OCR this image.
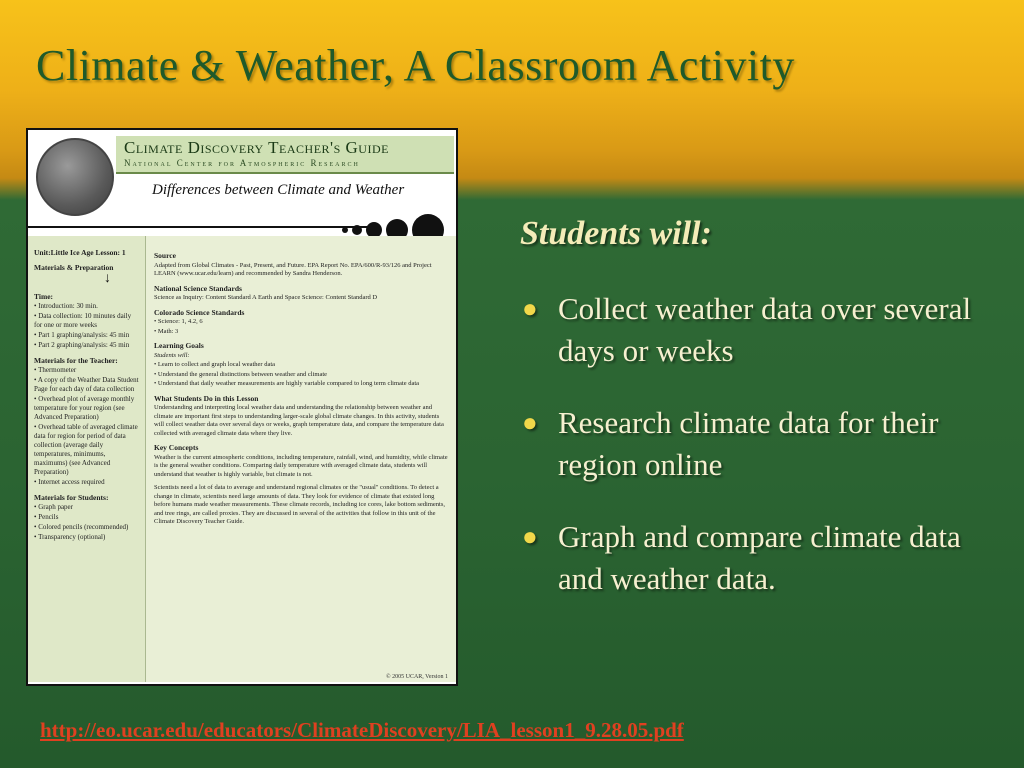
Climate & Weather, A Classroom Activity
Climate Discovery Teacher's Guide
National Center for Atmospheric Research
Differences between Climate and Weather
Unit:Little Ice Age Lesson: 1
Materials & Preparation
↓
Time:
• Introduction: 30 min.
• Data collection: 10 minutes daily for one or more weeks
• Part 1 graphing/analysis: 45 min
• Part 2 graphing/analysis: 45 min
Materials for the Teacher:
• Thermometer
• A copy of the Weather Data Student Page for each day of data collection
• Overhead plot of average monthly temperature for your region (see Advanced Preparation)
• Overhead table of averaged climate data for region for period of data collection (average daily temperatures, minimums, maximums) (see Advanced Preparation)
• Internet access required
Materials for Students:
• Graph paper
• Pencils
• Colored pencils (recommended)
• Transparency (optional)
Source
Adapted from Global Climates - Past, Present, and Future. EPA Report No. EPA/600/R-93/126 and Project LEARN (www.ucar.edu/learn) and recommended by Sandra Henderson.
National Science Standards
Science as Inquiry: Content Standard A Earth and Space Science: Content Standard D
Colorado Science Standards
• Science: 1, 4.2, 6
• Math: 3
Learning Goals
Students will:
• Learn to collect and graph local weather data
• Understand the general distinctions between weather and climate
• Understand that daily weather measurements are highly variable compared to long term climate data
What Students Do in this Lesson
Understanding and interpreting local weather data and understanding the relationship between weather and climate are important first steps to understanding larger-scale global climate changes. In this activity, students will collect weather data over several days or weeks, graph temperature data, and compare the temperature data collected with averaged climate data where they live.
Key Concepts
Weather is the current atmospheric conditions, including temperature, rainfall, wind, and humidity, while climate is the general weather conditions. Comparing daily temperature with averaged climate data, students will understand that weather is highly variable, but climate is not.
Scientists need a lot of data to average and understand regional climates or the "usual" conditions. To detect a change in climate, scientists need large amounts of data. They look for evidence of climate that existed long before humans made weather measurements. These climate records, including ice cores, lake bottom sediments, and tree rings, are called proxies. They are discussed in several of the activities that follow in this unit of the Climate Discovery Teacher Guide.
© 2005 UCAR, Version 1
Students will:
● Collect weather data over several days or weeks
● Research climate data for their region online
● Graph and compare climate data and weather data.
http://eo.ucar.edu/educators/ClimateDiscovery/LIA_lesson1_9.28.05.pdf
